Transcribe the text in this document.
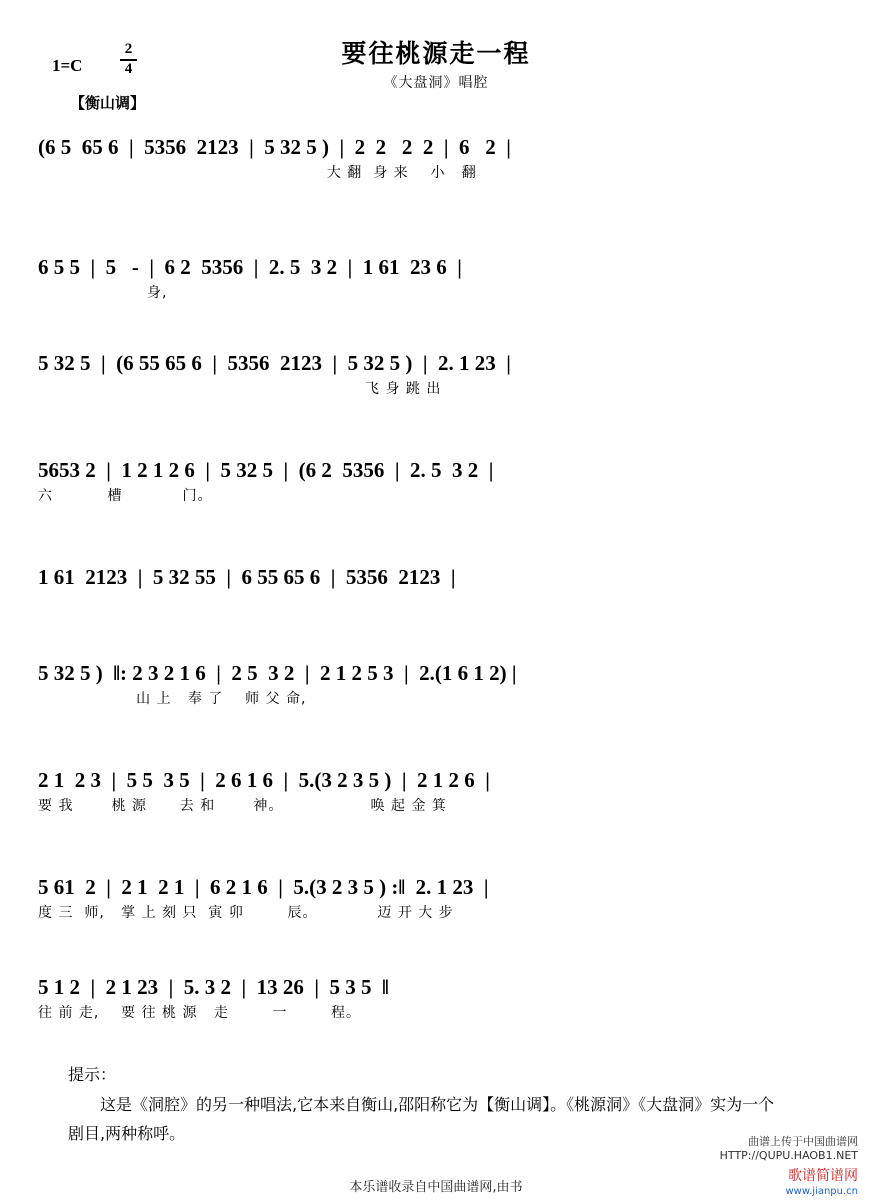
1=C
2
4
【衡山调】
要往桃源走一程
《大盘洞》唱腔
(6 5  65 6  |  5356  2123  |  5 32 5 )  |  2  2   2  2  |  6   2  |
大 翻  身 来    小   翻
6 5 5  |  5   -  |  6 2  5356  |  2. 5  3 2  |  1 61  23 6  |
身,
5 32 5  |  (6 55 65 6  |  5356  2123  |  5 32 5 )  |  2. 1 23  |
飞 身 跳 出
5653 2  |  1 2 1 2 6  |  5 32 5  |  (6 2  5356  |  2. 5  3 2  |
六          槽           门。
1 61  2123  |  5 32 55  |  6 55 65 6  |  5356  2123  |
5 32 5 )  ‖: 2 3 2 1 6  |  2 5  3 2  |  2 1 2 5 3  |  2.(1 6 1 2) |
山 上   奉 了    师 父 命,
2 1  2 3  |  5 5  3 5  |  2 6 1 6  |  5.(3 2 3 5 )  |  2 1 2 6  |
要 我       桃 源      去 和       神。                唤 起 金 箕
5 61  2  |  2 1  2 1  |  6 2 1 6  |  5.(3 2 3 5 ) :‖  2. 1 23  |
度 三  师,   掌 上 刻 只  寅 卯        辰。           迈 开 大 步
5 1 2  |  2 1 23  |  5. 3 2  |  13 26  |  5 3 5  ‖
往 前 走,    要 往 桃 源   走        一        程。
提示：
这是《洞腔》的另一种唱法,它本来自衡山,邵阳称它为【衡山调】。《桃源洞》《大盘洞》实为一个剧目,两种称呼。	曲谱上传于中国曲谱网
HTTP://QUPU.HAOB1.NET
本乐谱收录自中国曲谱网,由书
歌谱简谱网
www.jianpu.cn
